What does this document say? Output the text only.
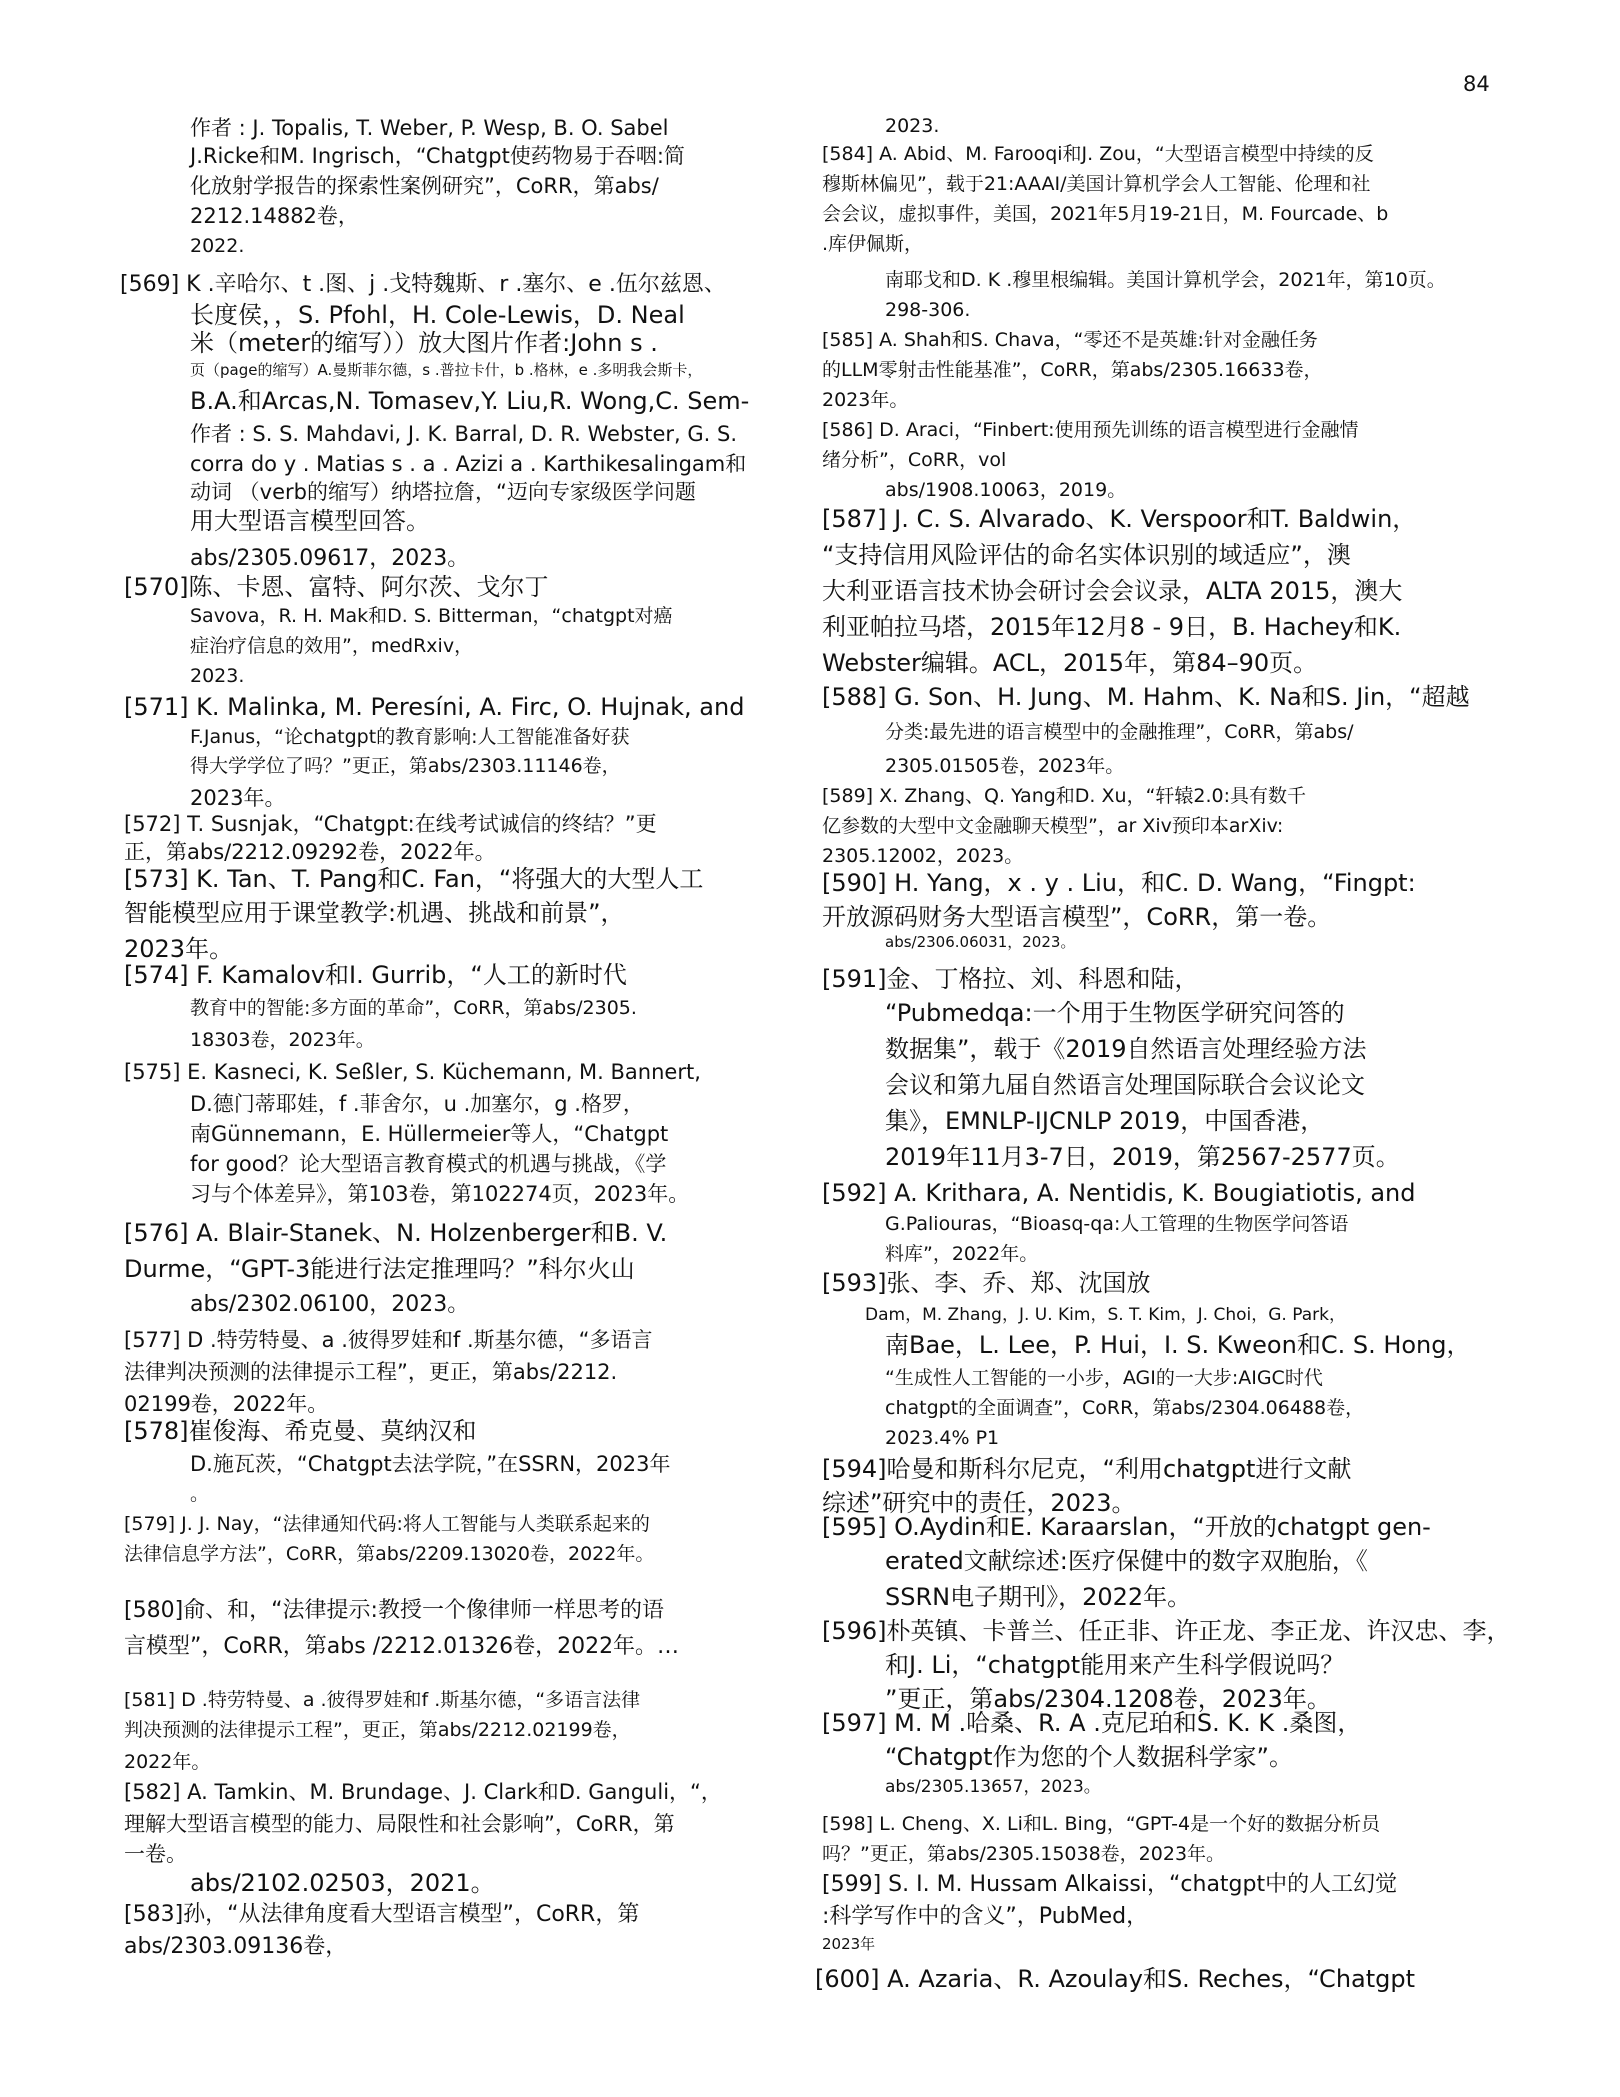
84
作者 : J. Topalis, T. Weber, P. Wesp, B. O. Sabel
J.Ricke和M. Ingrisch，“Chatgpt使药物易于吞咽:简
化放射学报告的探索性案例研究”，CoRR，第abs/
2212.14882卷，
2022.
[569] K .辛哈尔、t .图、j .戈特魏斯、r .塞尔、e .伍尔兹恩、
长度侯，，S. Pfohl，H. Cole-Lewis，D. Neal
米（meter的缩写））放大图片作者:John s .
页（page的缩写）A.曼斯菲尔德，s .普拉卡什，b .格林，e .多明我会斯卡，
B.A.和Arcas,N. Tomasev,Y. Liu,R. Wong,C. Sem-
作者 : S. S. Mahdavi, J. K. Barral, D. R. Webster, G. S.
corra do y . Matias s . a . Azizi a . Karthikesalingam和
动词 （verb的缩写）纳塔拉詹，“迈向专家级医学问题
用大型语言模型回答。
abs/2305.09617，2023。
[570]陈、卡恩、富特、阿尔茨、戈尔丁
Savova，R. H. Mak和D. S. Bitterman，“chatgpt对癌
症治疗信息的效用”，medRxiv，
2023.
[571] K. Malinka, M. Peresíni, A. Firc, O. Hujnak, and
F.Janus，“论chatgpt的教育影响:人工智能准备好获
得大学学位了吗？”更正，第abs/2303.11146卷，
2023年。
[572] T. Susnjak，“Chatgpt:在线考试诚信的终结？”更
正，第abs/2212.09292卷，2022年。
[573] K. Tan、T. Pang和C. Fan，“将强大的大型人工
智能模型应用于课堂教学:机遇、挑战和前景”，
2023年。
[574] F. Kamalov和I. Gurrib，“人工的新时代
教育中的智能:多方面的革命”，CoRR，第abs/2305.
18303卷，2023年。
[575] E. Kasneci, K. Seßler, S. Küchemann, M. Bannert,
D.德门蒂耶娃，f .菲舍尔，u .加塞尔，g .格罗，
南Günnemann，E. Hüllermeier等人，“Chatgpt
for good？论大型语言教育模式的机遇与挑战，《学
习与个体差异》，第103卷，第102274页，2023年。
[576] A. Blair-Stanek、N. Holzenberger和B. V.
Durme，“GPT-3能进行法定推理吗？”科尔火山
abs/2302.06100，2023。
[577] D .特劳特曼、a .彼得罗娃和f .斯基尔德，“多语言
法律判决预测的法律提示工程”，更正，第abs/2212.
02199卷，2022年。
[578]崔俊海、希克曼、莫纳汉和
D.施瓦茨，“Chatgpt去法学院，”在SSRN，2023年
。
[579] J. J. Nay，“法律通知代码:将人工智能与人类联系起来的
法律信息学方法”，CoRR，第abs/2209.13020卷，2022年。
[580]俞、和，“法律提示:教授一个像律师一样思考的语
言模型”，CoRR，第abs /2212.01326卷，2022年。…
[581] D .特劳特曼、a .彼得罗娃和f .斯基尔德，“多语言法律
判决预测的法律提示工程”，更正，第abs/2212.02199卷，
2022年。
[582] A. Tamkin、M. Brundage、J. Clark和D. Ganguli，“，
理解大型语言模型的能力、局限性和社会影响”，CoRR，第
一卷。
abs/2102.02503，2021。
[583]孙，“从法律角度看大型语言模型”，CoRR，第
abs/2303.09136卷，
2023.
[584] A. Abid、M. Farooqi和J. Zou，“大型语言模型中持续的反
穆斯林偏见”，载于21:AAAI/美国计算机学会人工智能、伦理和社
会会议，虚拟事件，美国，2021年5月19-21日，M. Fourcade、b
.库伊佩斯，
南耶戈和D. K .穆里根编辑。美国计算机学会，2021年，第10页。
298-306.
[585] A. Shah和S. Chava，“零还不是英雄:针对金融任务
的LLM零射击性能基准”，CoRR，第abs/2305.16633卷，
2023年。
[586] D. Araci，“Finbert:使用预先训练的语言模型进行金融情
绪分析”，CoRR，vol
abs/1908.10063，2019。
[587] J. C. S. Alvarado、K. Verspoor和T. Baldwin，
“支持信用风险评估的命名实体识别的域适应”，澳
大利亚语言技术协会研讨会会议录，ALTA 2015，澳大
利亚帕拉马塔，2015年12月8 - 9日，B. Hachey和K.
Webster编辑。ACL，2015年，第84–90页。
[588] G. Son、H. Jung、M. Hahm、K. Na和S. Jin，“超越
分类:最先进的语言模型中的金融推理”，CoRR，第abs/
2305.01505卷，2023年。
[589] X. Zhang、Q. Yang和D. Xu，“轩辕2.0:具有数千
亿参数的大型中文金融聊天模型”，ar Xiv预印本arXiv:
2305.12002，2023。
[590] H. Yang，x . y . Liu，和C. D. Wang，“Fingpt:
开放源码财务大型语言模型”，CoRR，第一卷。
abs/2306.06031，2023。
[591]金、丁格拉、刘、科恩和陆，
“Pubmedqa:一个用于生物医学研究问答的
数据集”，载于《2019自然语言处理经验方法
会议和第九届自然语言处理国际联合会议论文
集》，EMNLP-IJCNLP 2019，中国香港，
2019年11月3-7日，2019，第2567-2577页。
[592] A. Krithara, A. Nentidis, K. Bougiatiotis, and
G.Paliouras，“Bioasq-qa:人工管理的生物医学问答语
料库”，2022年。
[593]张、李、乔、郑、沈国放
Dam，M. Zhang，J. U. Kim，S. T. Kim，J. Choi，G. Park，
南Bae，L. Lee，P. Hui，I. S. Kweon和C. S. Hong，
“生成性人工智能的一小步，AGI的一大步:AIGC时代
chatgpt的全面调查”，CoRR，第abs/2304.06488卷，
2023.4% P1
[594]哈曼和斯科尔尼克，“利用chatgpt进行文献
综述”研究中的责任，2023。
[595] O.Aydin和E. Karaarslan，“开放的chatgpt gen-
erated文献综述:医疗保健中的数字双胞胎，《
SSRN电子期刊》，2022年。
[596]朴英镇、卡普兰、任正非、许正龙、李正龙、许汉忠、李，
和J. Li，“chatgpt能用来产生科学假说吗？
”更正，第abs/2304.1208卷，2023年。
[597] M. M .哈桑、R. A .克尼珀和S. K. K .桑图，
“Chatgpt作为您的个人数据科学家”。
abs/2305.13657，2023。
[598] L. Cheng、X. Li和L. Bing，“GPT-4是一个好的数据分析员
吗？”更正，第abs/2305.15038卷，2023年。
[599] S. I. M. Hussam Alkaissi，“chatgpt中的人工幻觉
:科学写作中的含义”，PubMed，
2023年
[600] A. Azaria、R. Azoulay和S. Reches，“Chatgpt
